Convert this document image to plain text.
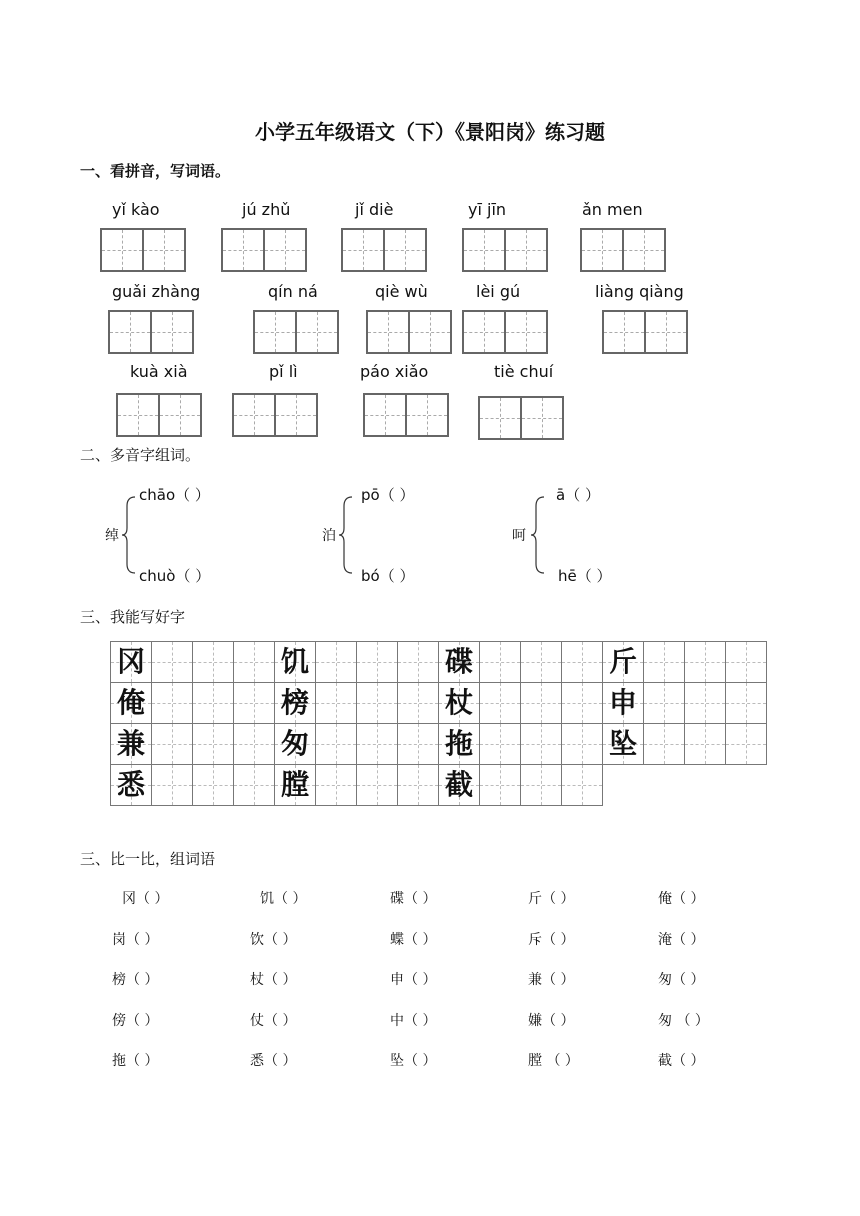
小学五年级语文（下）《景阳岗》练习题
一、看拼音，写词语。
yǐ kào	jú zhǔ	jǐ diè	yī jīn	ǎn men
guǎi zhàng	qín ná	qiè wù	lèi gú	liàng qiàng
kuà xià	pǐ lì	páo xiǎo	tiè chuí
二、多音字组词。
绰
chāo（ ）
chuò（ ）
泊
pō（ ）
bó（ ）
呵
ā（ ）
hē（ ）
三、我能写好字
冈	饥	碟	斤
俺	榜	杖	申
兼	匆	拖	坠
悉	膛	截
三、比一比，组词语
冈（ ）	饥（ ）	碟（ ）	斤（ ）	俺（ ）
岗（ ）	饮（ ）	蝶（ ）	斥（ ）	淹（ ）
榜（ ）	杖（ ）	申（ ）	兼（ ）	匆（ ）
傍（ ）	仗（ ）	中（ ）	嫌（ ）	匆 （ ）
拖（ ）	悉（ ）	坠（ ）	膛 （ ）	截（ ）
